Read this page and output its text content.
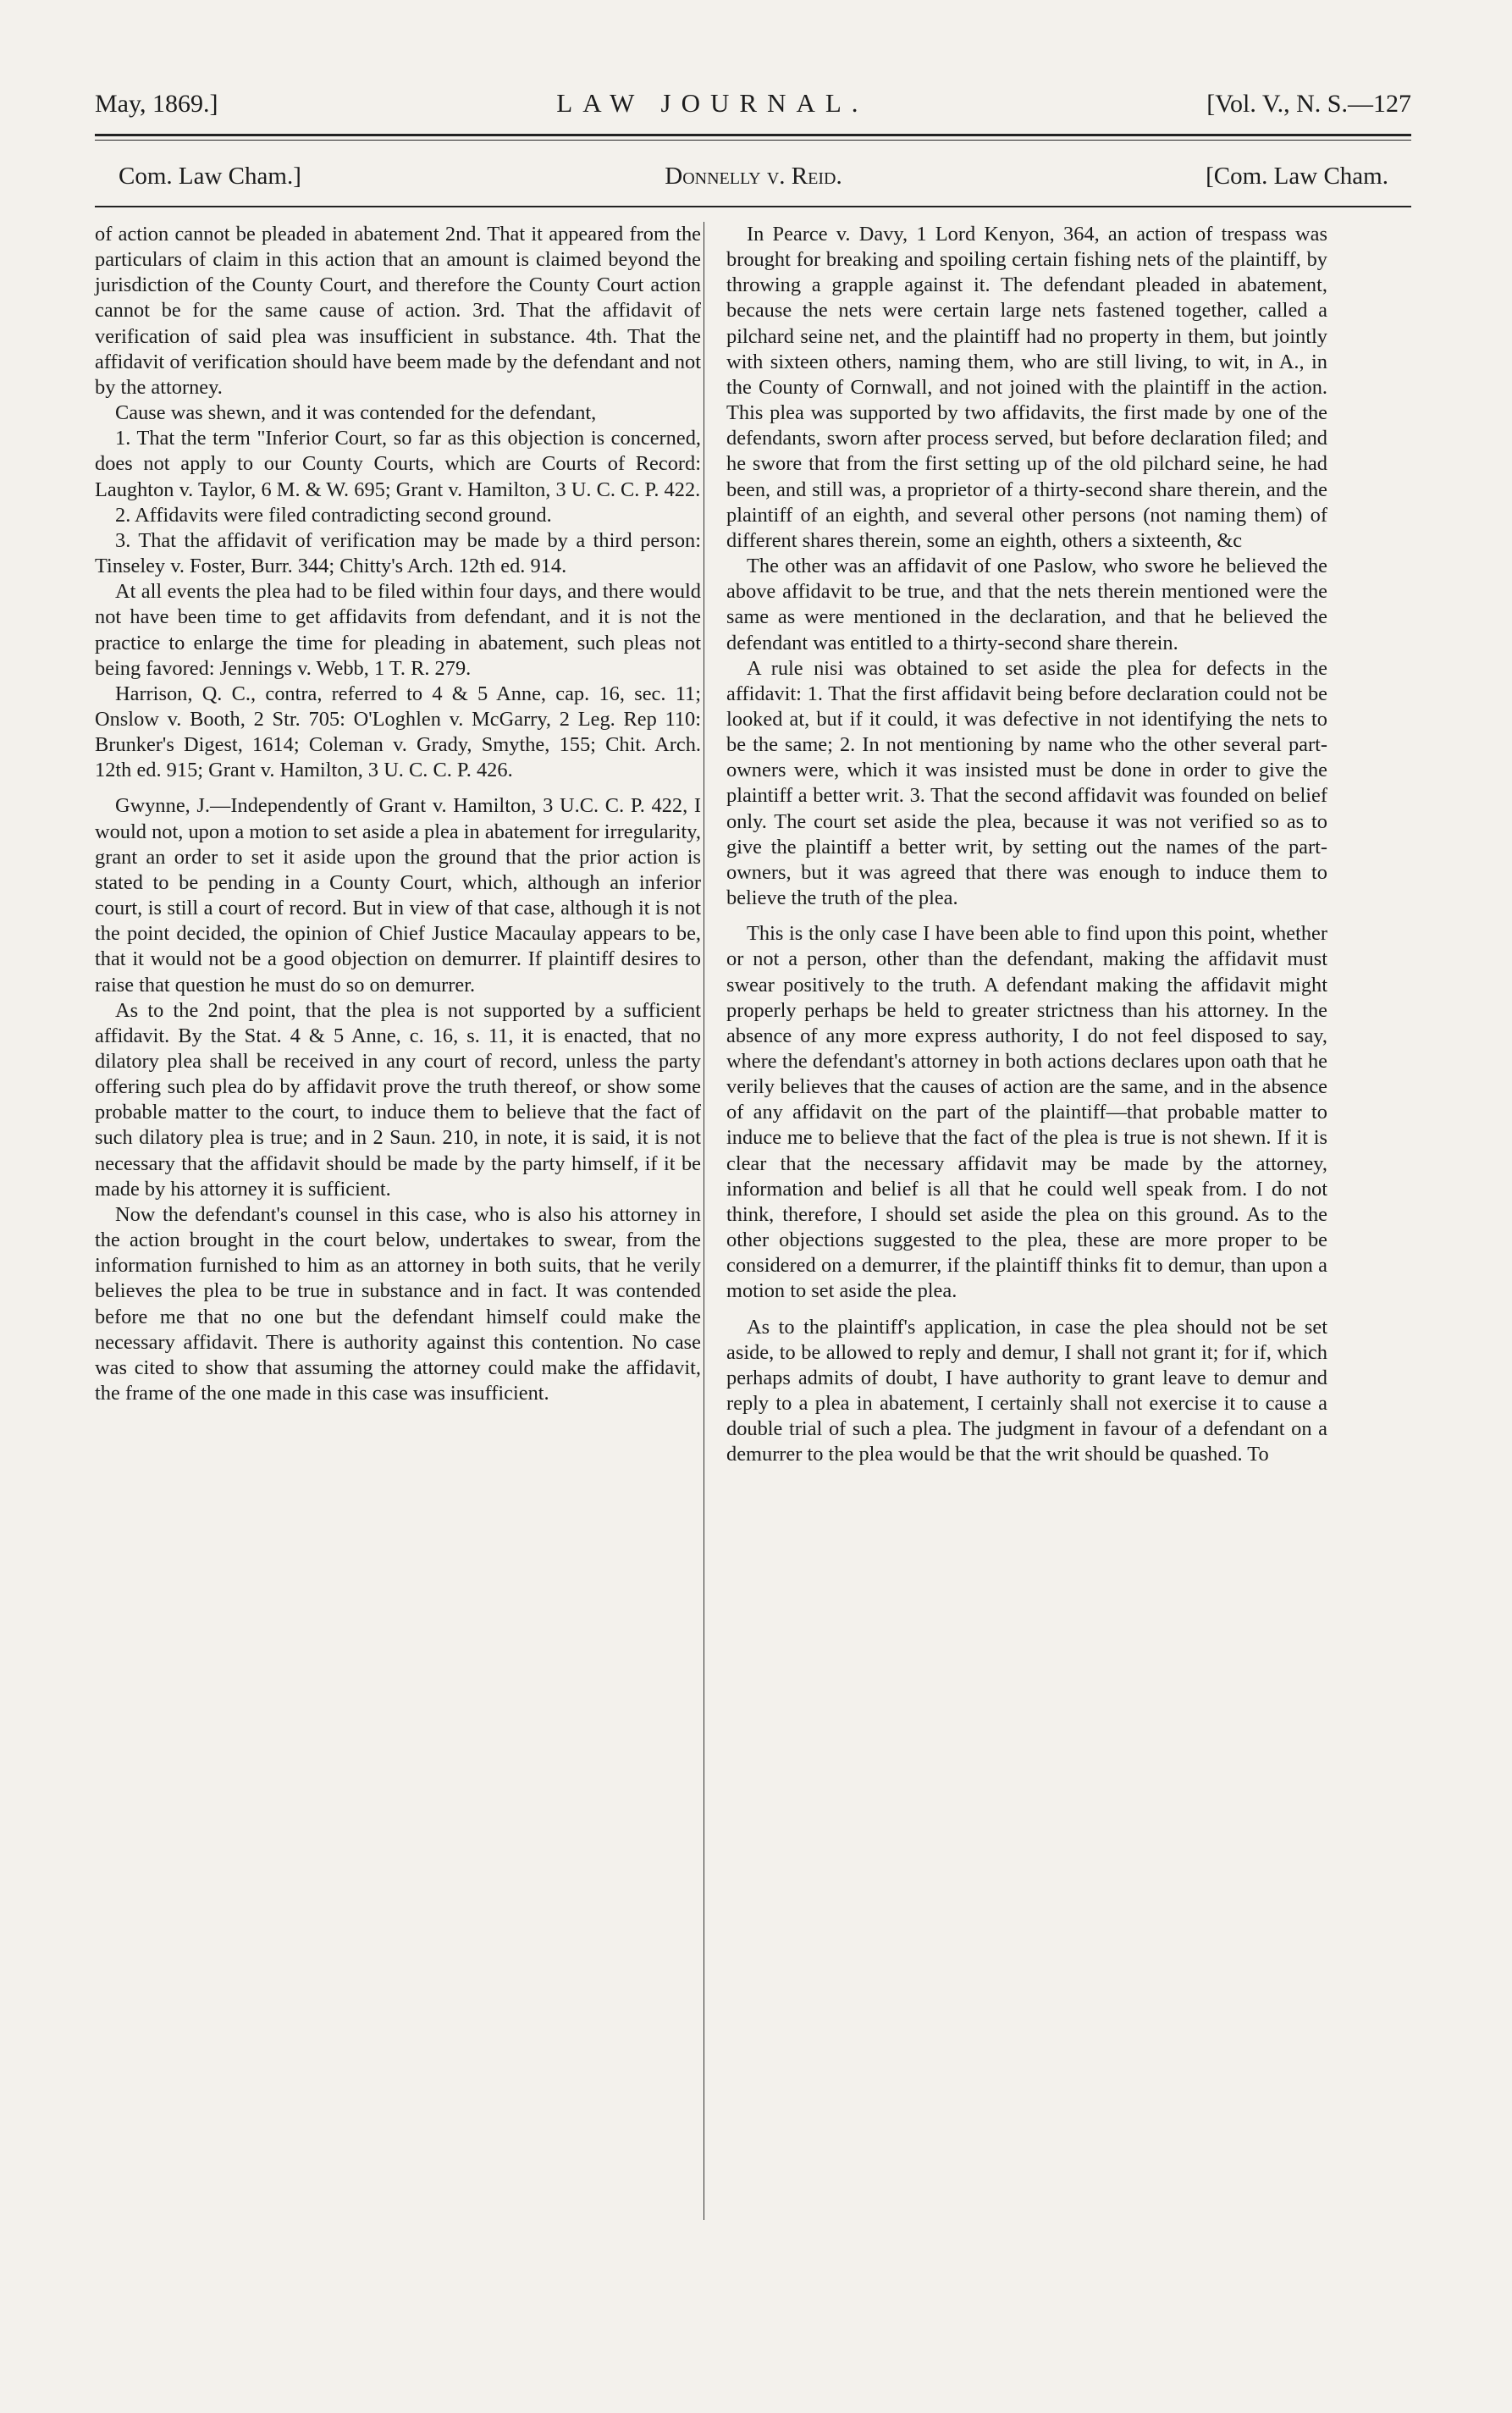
May, 1869.]	LAW JOURNAL.	[Vol. V., N. S.—127
Com. Law Cham.]	Donnelly v. Reid.	[Com. Law Cham.

of action cannot be pleaded in abatement 2nd. That it appeared from the particulars of claim in this action that an amount is claimed beyond the jurisdiction of the County Court, and therefore the County Court action cannot be for the same cause of action. 3rd. That the affidavit of verification of said plea was insufficient in substance. 4th. That the affidavit of verification should have beem made by the defendant and not by the attorney.

Cause was shewn, and it was contended for the defendant,

1. That the term "Inferior Court, so far as this objection is concerned, does not apply to our County Courts, which are Courts of Record: Laughton v. Taylor, 6 M. & W. 695; Grant v. Hamilton, 3 U. C. C. P. 422.

2. Affidavits were filed contradicting second ground.

3. That the affidavit of verification may be made by a third person: Tinseley v. Foster, Burr. 344; Chitty's Arch. 12th ed. 914.

At all events the plea had to be filed within four days, and there would not have been time to get affidavits from defendant, and it is not the practice to enlarge the time for pleading in abatement, such pleas not being favored: Jennings v. Webb, 1 T. R. 279.

Harrison, Q. C., contra, referred to 4 & 5 Anne, cap. 16, sec. 11; Onslow v. Booth, 2 Str. 705: O'Loghlen v. McGarry, 2 Leg. Rep 110: Brunker's Digest, 1614; Coleman v. Grady, Smythe, 155; Chit. Arch. 12th ed. 915; Grant v. Hamilton, 3 U. C. C. P. 426.

Gwynne, J.—Independently of Grant v. Hamilton, 3 U.C. C. P. 422, I would not, upon a motion to set aside a plea in abatement for irregularity, grant an order to set it aside upon the ground that the prior action is stated to be pending in a County Court, which, although an inferior court, is still a court of record. But in view of that case, although it is not the point decided, the opinion of Chief Justice Macaulay appears to be, that it would not be a good objection on demurrer. If plaintiff desires to raise that question he must do so on demurrer.

As to the 2nd point, that the plea is not supported by a sufficient affidavit. By the Stat. 4 & 5 Anne, c. 16, s. 11, it is enacted, that no dilatory plea shall be received in any court of record, unless the party offering such plea do by affidavit prove the truth thereof, or show some probable matter to the court, to induce them to believe that the fact of such dilatory plea is true; and in 2 Saun. 210, in note, it is said, it is not necessary that the affidavit should be made by the party himself, if it be made by his attorney it is sufficient.

Now the defendant's counsel in this case, who is also his attorney in the action brought in the court below, undertakes to swear, from the information furnished to him as an attorney in both suits, that he verily believes the plea to be true in substance and in fact. It was contended before me that no one but the defendant himself could make the necessary affidavit. There is authority against this contention. No case was cited to show that assuming the attorney could make the affidavit, the frame of the one made in this case was insufficient.

In Pearce v. Davy, 1 Lord Kenyon, 364, an action of trespass was brought for breaking and spoiling certain fishing nets of the plaintiff, by throwing a grapple against it. The defendant pleaded in abatement, because the nets were certain large nets fastened together, called a pilchard seine net, and the plaintiff had no property in them, but jointly with sixteen others, naming them, who are still living, to wit, in A., in the County of Cornwall, and not joined with the plaintiff in the action. This plea was supported by two affidavits, the first made by one of the defendants, sworn after process served, but before declaration filed; and he swore that from the first setting up of the old pilchard seine, he had been, and still was, a proprietor of a thirty-second share therein, and the plaintiff of an eighth, and several other persons (not naming them) of different shares therein, some an eighth, others a sixteenth, &c

The other was an affidavit of one Paslow, who swore he believed the above affidavit to be true, and that the nets therein mentioned were the same as were mentioned in the declaration, and that he believed the defendant was entitled to a thirty-second share therein.

A rule nisi was obtained to set aside the plea for defects in the affidavit: 1. That the first affidavit being before declaration could not be looked at, but if it could, it was defective in not identifying the nets to be the same; 2. In not mentioning by name who the other several part-owners were, which it was insisted must be done in order to give the plaintiff a better writ. 3. That the second affidavit was founded on belief only. The court set aside the plea, because it was not verified so as to give the plaintiff a better writ, by setting out the names of the part-owners, but it was agreed that there was enough to induce them to believe the truth of the plea.

This is the only case I have been able to find upon this point, whether or not a person, other than the defendant, making the affidavit must swear positively to the truth. A defendant making the affidavit might properly perhaps be held to greater strictness than his attorney. In the absence of any more express authority, I do not feel disposed to say, where the defendant's attorney in both actions declares upon oath that he verily believes that the causes of action are the same, and in the absence of any affidavit on the part of the plaintiff—that probable matter to induce me to believe that the fact of the plea is true is not shewn. If it is clear that the necessary affidavit may be made by the attorney, information and belief is all that he could well speak from. I do not think, therefore, I should set aside the plea on this ground. As to the other objections suggested to the plea, these are more proper to be considered on a demurrer, if the plaintiff thinks fit to demur, than upon a motion to set aside the plea.

As to the plaintiff's application, in case the plea should not be set aside, to be allowed to reply and demur, I shall not grant it; for if, which perhaps admits of doubt, I have authority to grant leave to demur and reply to a plea in abatement, I certainly shall not exercise it to cause a double trial of such a plea. The judgment in favour of a defendant on a demurrer to the plea would be that the writ should be quashed. To
